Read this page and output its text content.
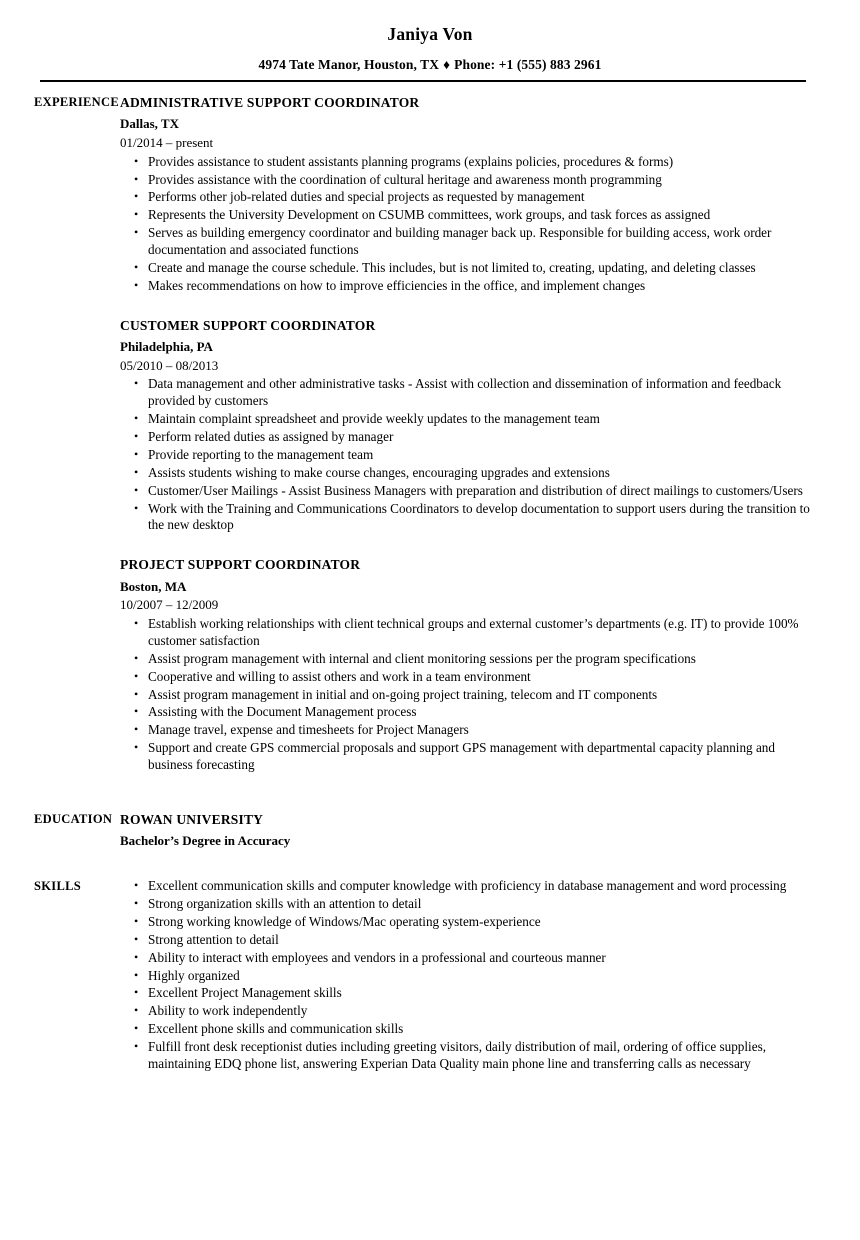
Janiya Von
4974 Tate Manor, Houston, TX ♦ Phone: +1 (555) 883 2961
EXPERIENCE ADMINISTRATIVE SUPPORT COORDINATOR
Dallas, TX
01/2014 – present
• Provides assistance to student assistants planning programs (explains policies, procedures & forms)
• Provides assistance with the coordination of cultural heritage and awareness month programming
• Performs other job-related duties and special projects as requested by management
• Represents the University Development on CSUMB committees, work groups, and task forces as assigned
• Serves as building emergency coordinator and building manager back up. Responsible for building access, work order documentation and associated functions
• Create and manage the course schedule. This includes, but is not limited to, creating, updating, and deleting classes
• Makes recommendations on how to improve efficiencies in the office, and implement changes
CUSTOMER SUPPORT COORDINATOR
Philadelphia, PA
05/2010 – 08/2013
• Data management and other administrative tasks - Assist with collection and dissemination of information and feedback provided by customers
• Maintain complaint spreadsheet and provide weekly updates to the management team
• Perform related duties as assigned by manager
• Provide reporting to the management team
• Assists students wishing to make course changes, encouraging upgrades and extensions
• Customer/User Mailings - Assist Business Managers with preparation and distribution of direct mailings to customers/Users
• Work with the Training and Communications Coordinators to develop documentation to support users during the transition to the new desktop
PROJECT SUPPORT COORDINATOR
Boston, MA
10/2007 – 12/2009
• Establish working relationships with client technical groups and external customer’s departments (e.g. IT) to provide 100% customer satisfaction
• Assist program management with internal and client monitoring sessions per the program specifications
• Cooperative and willing to assist others and work in a team environment
• Assist program management in initial and on-going project training, telecom and IT components
• Assisting with the Document Management process
• Manage travel, expense and timesheets for Project Managers
• Support and create GPS commercial proposals and support GPS management with departmental capacity planning and business forecasting
EDUCATION ROWAN UNIVERSITY
Bachelor’s Degree in Accuracy
SKILLS	• Excellent communication skills and computer knowledge with proficiency in database management and word processing
• Strong organization skills with an attention to detail
• Strong working knowledge of Windows/Mac operating system-experience
• Strong attention to detail
• Ability to interact with employees and vendors in a professional and courteous manner
• Highly organized
• Excellent Project Management skills
• Ability to work independently
• Excellent phone skills and communication skills
• Fulfill front desk receptionist duties including greeting visitors, daily distribution of mail, ordering of office supplies, maintaining EDQ phone list, answering Experian Data Quality main phone line and transferring calls as necessary
